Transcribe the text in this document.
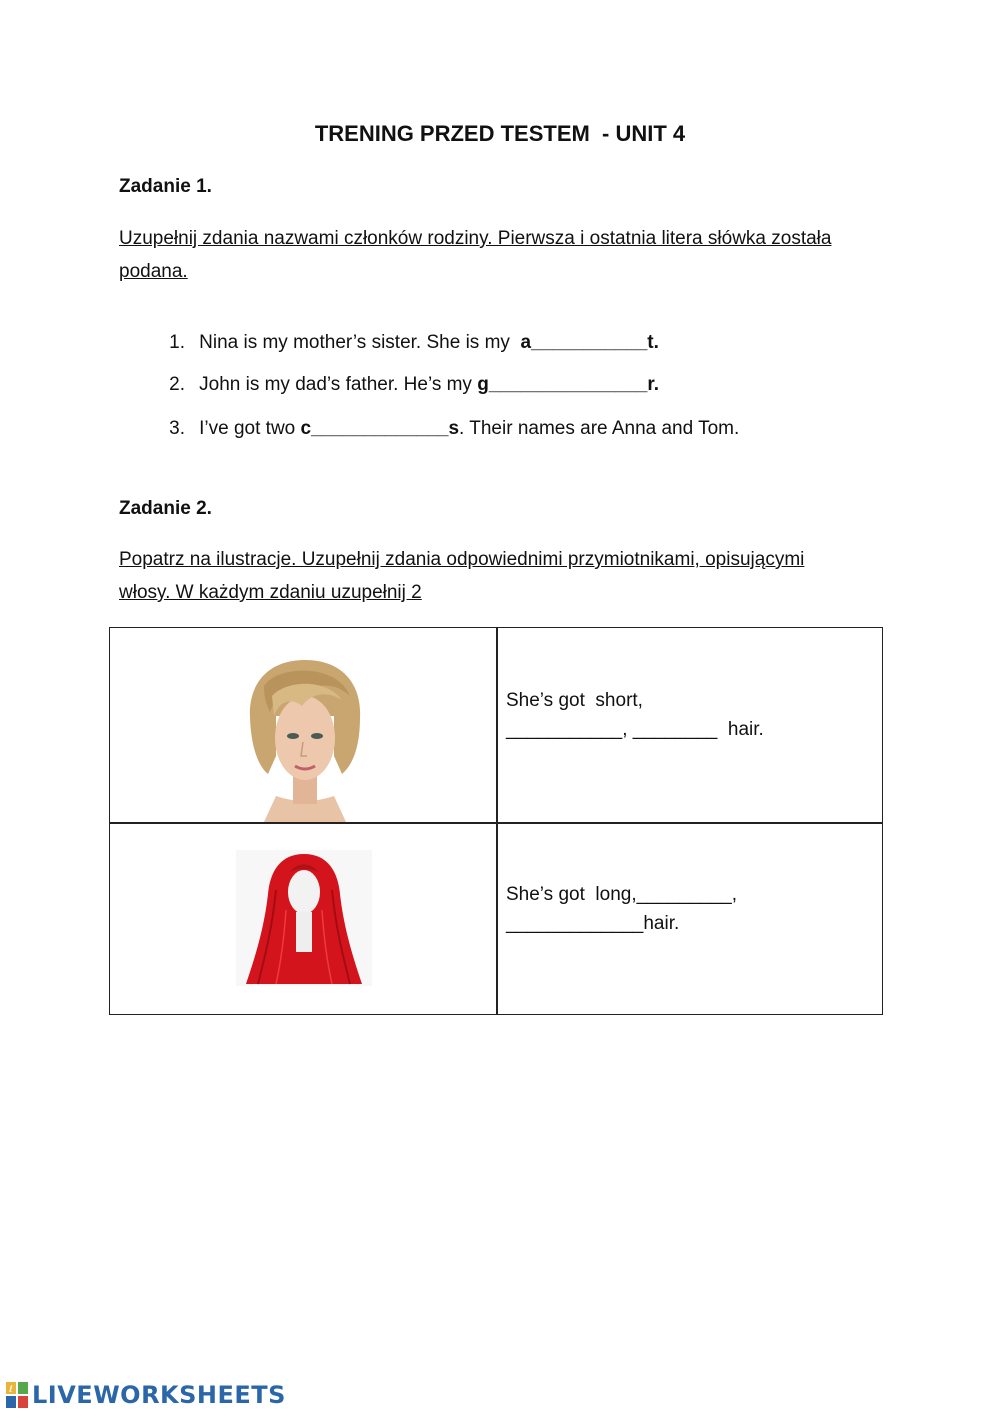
TRENING PRZED TESTEM  - UNIT 4
Zadanie 1.
Uzupełnij zdania nazwami członków rodziny. Pierwsza i ostatnia litera słówka została podana.

1. Nina is my mother’s sister. She is my  a___________t.

2. John is my dad’s father. He’s my g_______________r.

3. I’ve got two c_____________s. Their names are Anna and Tom.

Zadanie 2.
Popatrz na ilustracje. Uzupełnij zdania odpowiednimi przymiotnikami, opisującymi włosy. W każdym zdaniu uzupełnij 2
She’s got  short,
___________, ________  hair.
She’s got  long,_________,
_____________hair.
ℓ LIVEWORKSHEETS
